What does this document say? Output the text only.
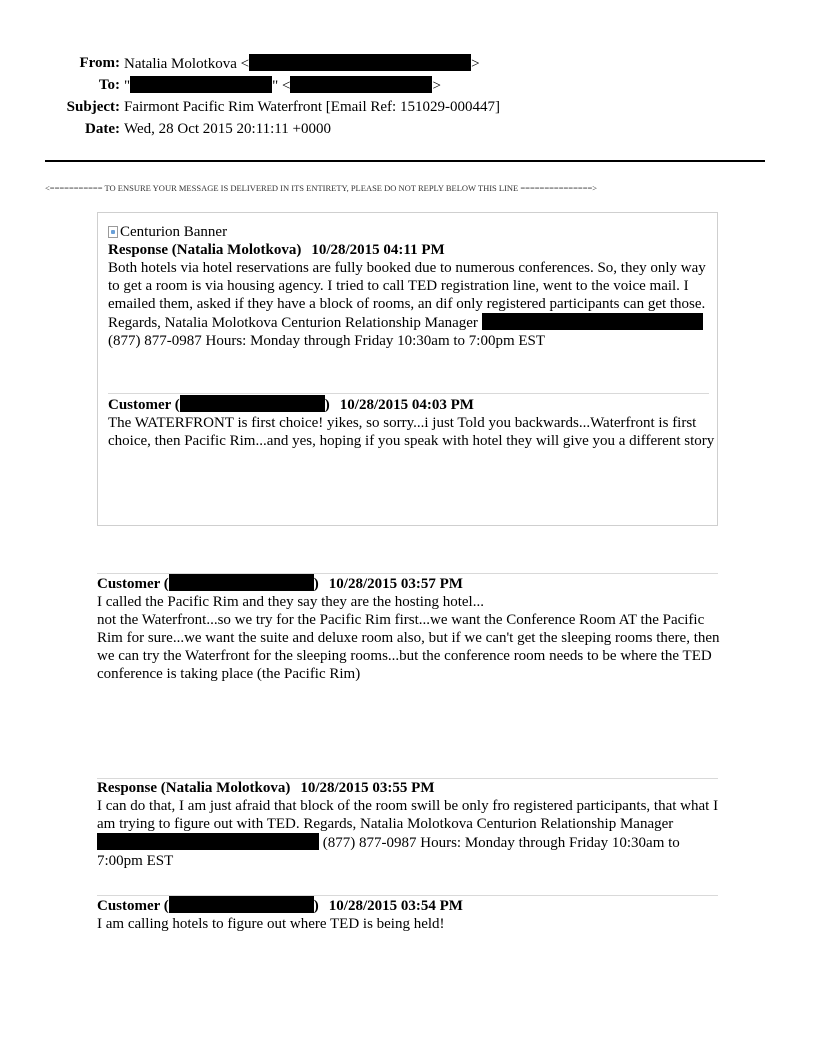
From: Natalia Molotkova <	>
To: "	" <	>
Subject: Fairmont Pacific Rim Waterfront [Email Ref: 151029-000447]
Date: Wed, 28 Oct 2015 20:11:11 +0000
<=========== TO ENSURE YOUR MESSAGE IS DELIVERED IN ITS ENTIRETY, PLEASE DO NOT REPLY BELOW THIS LINE ===============>
Centurion Banner
Response (Natalia Molotkova) 10/28/2015 04:11 PM
Both hotels via hotel reservations are fully booked due to numerous conferences. So, they only way to get a room is via housing agency. I tried to call TED registration line, went to the voice mail. I emailed them, asked if they have a block of rooms, an dif only registered participants can get those. Regards, Natalia Molotkova Centurion Relationship Manager  (877) 877-0987 Hours: Monday through Friday 10:30am to 7:00pm EST
Customer (	) 10/28/2015 04:03 PM
The WATERFRONT is first choice! yikes, so sorry...i just Told you backwards...Waterfront is first choice, then Pacific Rim...and yes, hoping if you speak with hotel they will give you a different story
Customer (	) 10/28/2015 03:57 PM
I called the Pacific Rim and they say they are the hosting hotel...
not the Waterfront...so we try for the Pacific Rim first...we want the Conference Room AT the Pacific Rim for sure...we want the suite and deluxe room also, but if we can't get the sleeping rooms there, then we can try the Waterfront for the sleeping rooms...but the conference room needs to be where the TED conference is taking place (the Pacific Rim)
Response (Natalia Molotkova) 10/28/2015 03:55 PM
I can do that, I am just afraid that block of the room swill be only fro registered participants, that what I am trying to figure out with TED. Regards, Natalia Molotkova Centurion Relationship Manager  (877) 877-0987 Hours: Monday through Friday 10:30am to 7:00pm EST
Customer (	) 10/28/2015 03:54 PM
I am calling hotels to figure out where TED is being held!
